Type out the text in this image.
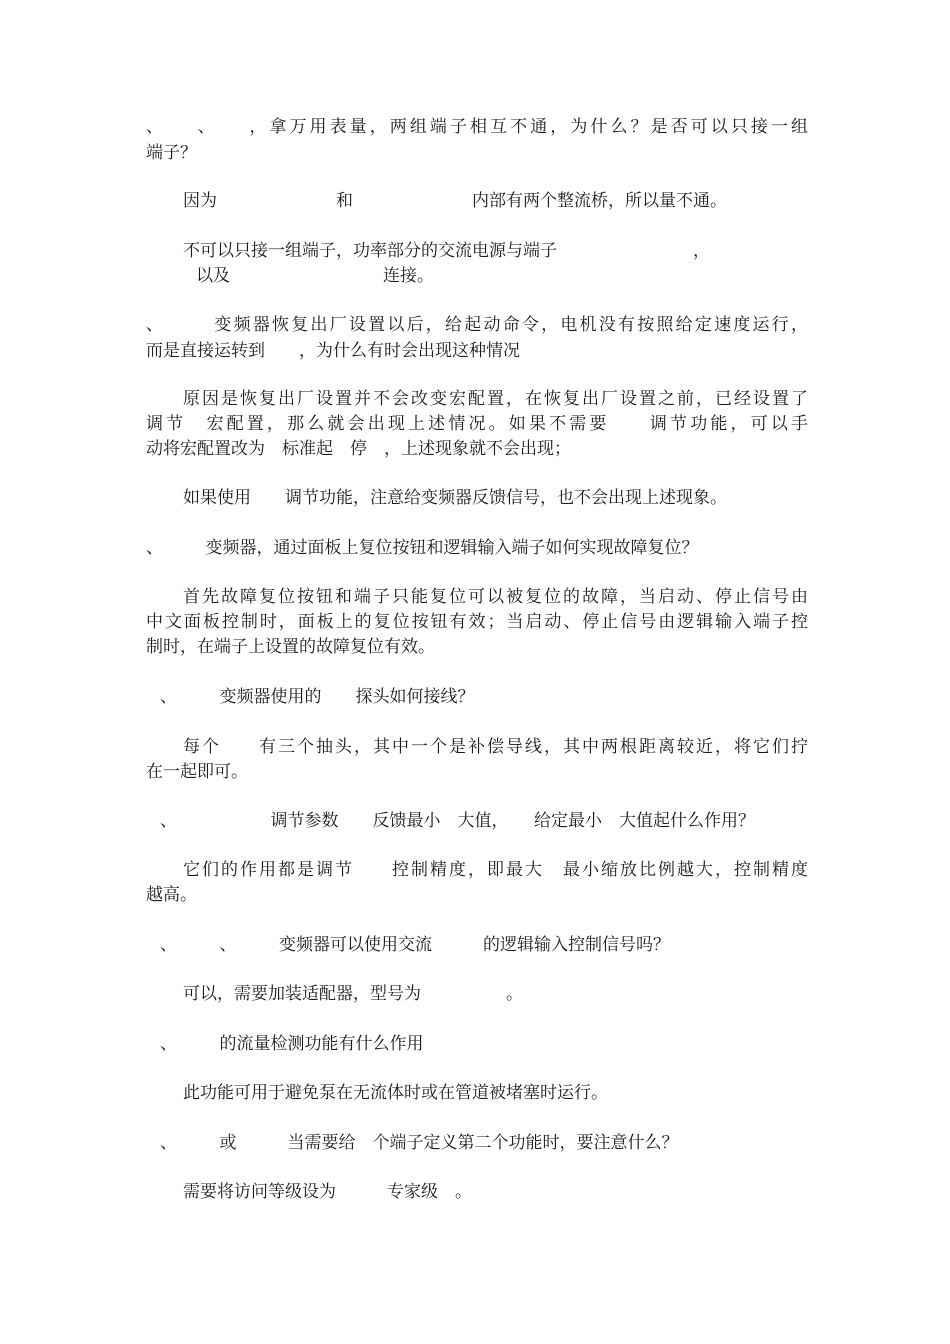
、　　、　　，拿万用表量，两组端子相互不通，为什么？是否可以只接一组

端子？

因为　　　　　　　和　　　　　　　内部有两个整流桥，所以量不通。

不可以只接一组端子，功率部分的交流电源与端子　　　　　　　　，

以及　　　　　　　　　连接。

、　　　变频器恢复出厂设置以后，给起动命令，电机没有按照给定速度运行，

而是直接运转到　　，为什么有时会出现这种情况

原因是恢复出厂设置并不会改变宏配置，在恢复出厂设置之前，已经设置了

调节　宏配置，那么就会出现上述情况。如果不需要　　调节功能，可以手

动将宏配置改为　标准起　停　，上述现象就不会出现；

如果使用　　调节功能，注意给变频器反馈信号，也不会出现上述现象。

、　　　变频器，通过面板上复位按钮和逻辑输入端子如何实现故障复位？

首先故障复位按钮和端子只能复位可以被复位的故障，当启动、停止信号由

中文面板控制时，面板上的复位按钮有效；当启动、停止信号由逻辑输入端子控

制时，在端子上设置的故障复位有效。

、　　　变频器使用的　　探头如何接线？

每个　　有三个抽头，其中一个是补偿导线，其中两根距离较近，将它们拧

在一起即可。

、　　　　　　调节参数　　反馈最小　大值，　　给定最小　大值起什么作用？

它们的作用都是调节　　控制精度，即最大　最小缩放比例越大，控制精度

越高。

、　　　、　　　变频器可以使用交流　　　的逻辑输入控制信号吗？

可以，需要加装适配器，型号为　　　　　。

、　　　的流量检测功能有什么作用

此功能可用于避免泵在无流体时或在管道被堵塞时运行。

、　　　或　　　当需要给　个端子定义第二个功能时，要注意什么？

需要将访问等级设为　　　专家级　。
